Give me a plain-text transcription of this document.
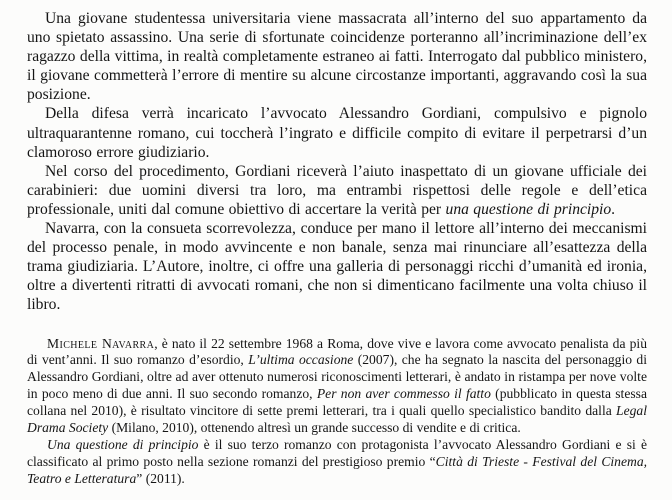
Una giovane studentessa universitaria viene massacrata all’interno del suo appartamento da uno spietato assassino. Una serie di sfortunate coincidenze porteranno all’incriminazione dell’ex ragazzo della vittima, in realtà completamente estraneo ai fatti. Interrogato dal pubblico ministero, il giovane commetterà l’errore di mentire su alcune circostanze importanti, aggravando così la sua posizione.

Della difesa verrà incaricato l’avvocato Alessandro Gordiani, compulsivo e pignolo ultraquarantenne romano, cui toccherà l’ingrato e difficile compito di evitare il perpetrarsi d’un clamoroso errore giudiziario.

Nel corso del procedimento, Gordiani riceverà l’aiuto inaspettato di un giovane ufficiale dei carabinieri: due uomini diversi tra loro, ma entrambi rispettosi delle regole e dell’etica professionale, uniti dal comune obiettivo di accertare la verità per una questione di principio.

Navarra, con la consueta scorrevolezza, conduce per mano il lettore all’interno dei meccanismi del processo penale, in modo avvincente e non banale, senza mai rinunciare all’esattezza della trama giudiziaria. L’Autore, inoltre, ci offre una galleria di personaggi ricchi d’umanità ed ironia, oltre a divertenti ritratti di avvocati romani, che non si dimenticano facilmente una volta chiuso il libro.

Michele Navarra, è nato il 22 settembre 1968 a Roma, dove vive e lavora come avvocato penalista da più di vent’anni. Il suo romanzo d’esordio, L’ultima occasione (2007), che ha segnato la nascita del personaggio di Alessandro Gordiani, oltre ad aver ottenuto numerosi riconoscimenti letterari, è andato in ristampa per nove volte in poco meno di due anni. Il suo secondo romanzo, Per non aver commesso il fatto (pubblicato in questa stessa collana nel 2010), è risultato vincitore di sette premi letterari, tra i quali quello specialistico bandito dalla Legal Drama Society (Milano, 2010), ottenendo altresì un grande successo di vendite e di critica.

Una questione di principio è il suo terzo romanzo con protagonista l’avvocato Alessandro Gordiani e si è classificato al primo posto nella sezione romanzi del prestigioso premio “Città di Trieste - Festival del Cinema, Teatro e Letteratura” (2011).
